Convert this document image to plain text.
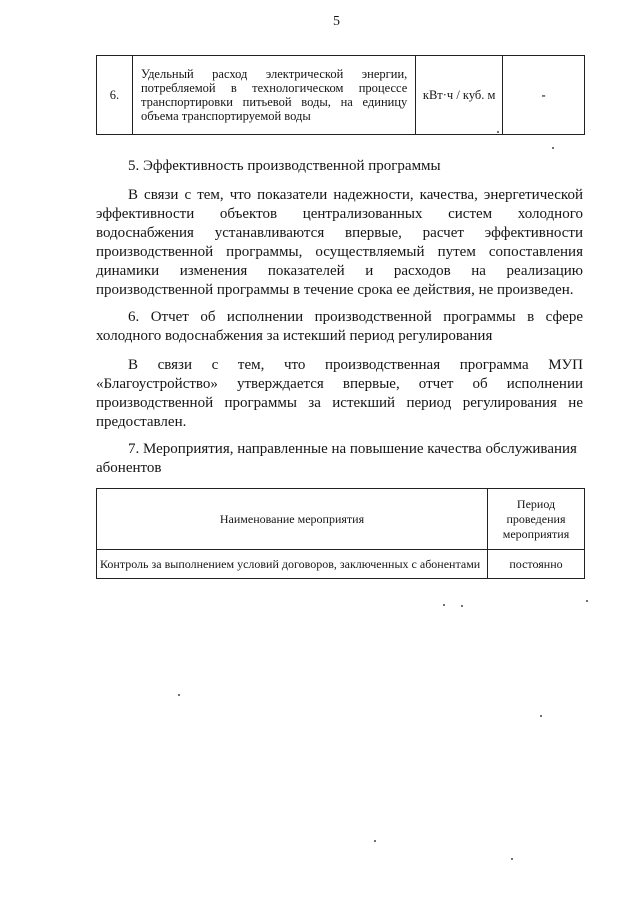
5
6.	Удельный расход электрической энергии, потребляемой в технологическом процессе транспортировки питьевой воды, на единицу объема транспортируемой воды	кВт·ч / куб. м	-
5. Эффективность производственной программы
В связи с тем, что показатели надежности, качества, энергетической эффективности объектов централизованных систем холодного водоснабжения устанавливаются впервые, расчет эффективности производственной программы, осуществляемый путем сопоставления динамики изменения показателей и расходов на реализацию производственной программы в течение срока ее действия, не произведен.
6. Отчет об исполнении производственной программы в сфере холодного водоснабжения за истекший период регулирования
В связи с тем, что производственная программа МУП «Благоустройство» утверждается впервые, отчет об исполнении производственной программы за истекший период регулирования не предоставлен.
7. Мероприятия, направленные на повышение качества обслуживания абонентов
Наименование мероприятия	Период проведения мероприятия
Контроль за выполнением условий договоров, заключенных с абонентами	постоянно
